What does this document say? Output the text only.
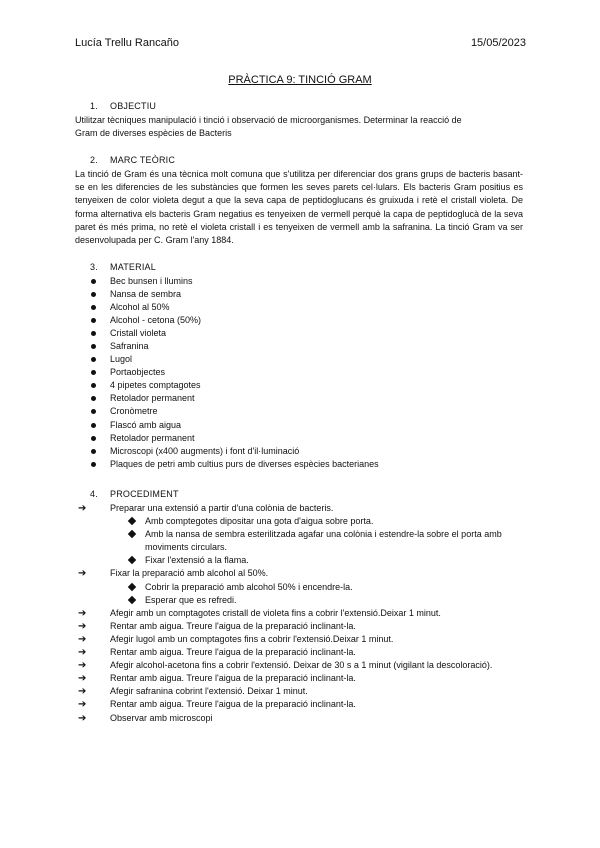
Lucía Trellu Rancaño	15/05/2023
PRÀCTICA 9: TINCIÓ GRAM
1. OBJECTIU
Utilitzar tècniques manipulació i tinció i observació de microorganismes. Determinar la reacció de
Gram de diverses espècies de Bacteris
2. MARC TEÒRIC
La tinció de Gram és una tècnica molt comuna que s'utilitza per diferenciar dos grans grups de bacteris basant-se en les diferencies de les substàncies que formen les seves parets cel·lulars. Els bacteris Gram positius es tenyeixen de color violeta degut a que la seva capa de peptidoglucans és gruixuda i retè el cristall violeta. De forma alternativa els bacteris Gram negatius es tenyeixen de vermell perquè la capa de peptidoglucà de la seva paret és més prima, no retè el violeta cristall i es tenyeixen de vermell amb la safranina. La tinció Gram va ser desenvolupada per C. Gram l'any 1884.
3. MATERIAL
Bec bunsen i llumins
Nansa de sembra
Alcohol al 50%
Alcohol - cetona (50%)
Cristall violeta
Safranina
Lugol
Portaobjectes
4 pipetes comptagotes
Retolador permanent
Cronòmetre
Flascó amb aigua
Retolador permanent
Microscopi (x400 augments) i font d'il·luminació
Plaques de petri amb cultius purs de diverses espècies bacterianes
4. PROCEDIMENT
➔	Preparar una extensió a partir d'una colònia de bacteris.
Amb comptegotes dipositar una gota d'aigua sobre porta.
Amb la nansa de sembra esterilitzada agafar una colònia i estendre-la sobre el porta amb moviments circulars.
Fixar l'extensió a la flama.
➔	Fixar la preparació amb alcohol al 50%.
Cobrir la preparació amb alcohol 50% i encendre-la.
Esperar que es refredi.
➔	Afegir amb un comptagotes cristall de violeta fins a cobrir l'extensió.Deixar 1 minut.
➔	Rentar amb aigua. Treure l'aigua de la preparació inclinant-la.
➔	Afegir lugol amb un comptagotes fins a cobrir l'extensió.Deixar 1 minut.
➔	Rentar amb aigua. Treure l'aigua de la preparació inclinant-la.
➔	Afegir alcohol-acetona fins a cobrir l'extensió. Deixar de 30 s a 1 minut (vigilant la descoloració).
➔	Rentar amb aigua. Treure l'aigua de la preparació inclinant-la.
➔	Afegir safranina cobrint l'extensió. Deixar 1 minut.
➔	Rentar amb aigua. Treure l'aigua de la preparació inclinant-la.
➔	Observar amb microscopi
